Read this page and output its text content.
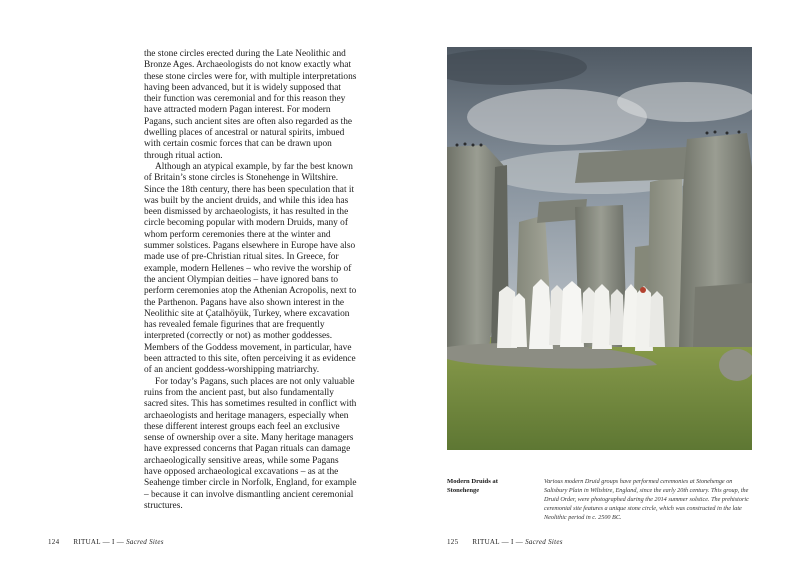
the stone circles erected during the Late Neolithic and Bronze Ages. Archaeologists do not know exactly what these stone circles were for, with multiple interpretations having been advanced, but it is widely supposed that their function was ceremonial and for this reason they have attracted modern Pagan interest. For modern Pagans, such ancient sites are often also regarded as the dwelling places of ancestral or natural spirits, imbued with certain cosmic forces that can be drawn upon through ritual action.

Although an atypical example, by far the best known of Britain’s stone circles is Stonehenge in Wiltshire. Since the 18th century, there has been speculation that it was built by the ancient druids, and while this idea has been dismissed by archaeologists, it has resulted in the circle becoming popular with modern Druids, many of whom perform ceremonies there at the winter and summer solstices. Pagans elsewhere in Europe have also made use of pre-Christian ritual sites. In Greece, for example, modern Hellenes – who revive the worship of the ancient Olympian deities – have ignored bans to perform ceremonies atop the Athenian Acropolis, next to the Parthenon. Pagans have also shown interest in the Neolithic site at Çatalhöyük, Turkey, where excavation has revealed female figurines that are frequently interpreted (correctly or not) as mother goddesses. Members of the Goddess movement, in particular, have been attracted to this site, often perceiving it as evidence of an ancient goddess-worshipping matriarchy.

For today’s Pagans, such places are not only valuable ruins from the ancient past, but also fundamentally sacred sites. This has sometimes resulted in conflict with archaeologists and heritage managers, especially when these different interest groups each feel an exclusive sense of ownership over a site. Many heritage managers have expressed concerns that Pagan rituals can damage archaeologically sensitive areas, while some Pagans have opposed archaeological excavations – as at the Seahenge timber circle in Norfolk, England, for example – because it can involve dismantling ancient ceremonial structures.

124 RITUAL — I — Sacred Sites
Modern Druids at Stonehenge
Various modern Druid groups have performed ceremonies at Stonehenge on Salisbury Plain in Wiltshire, England, since the early 20th century. This group, the Druid Order, were photographed during the 2014 summer solstice. The prehistoric ceremonial site features a unique stone circle, which was constructed in the late Neolithic period in c. 2500 BC.
125 RITUAL — I — Sacred Sites
